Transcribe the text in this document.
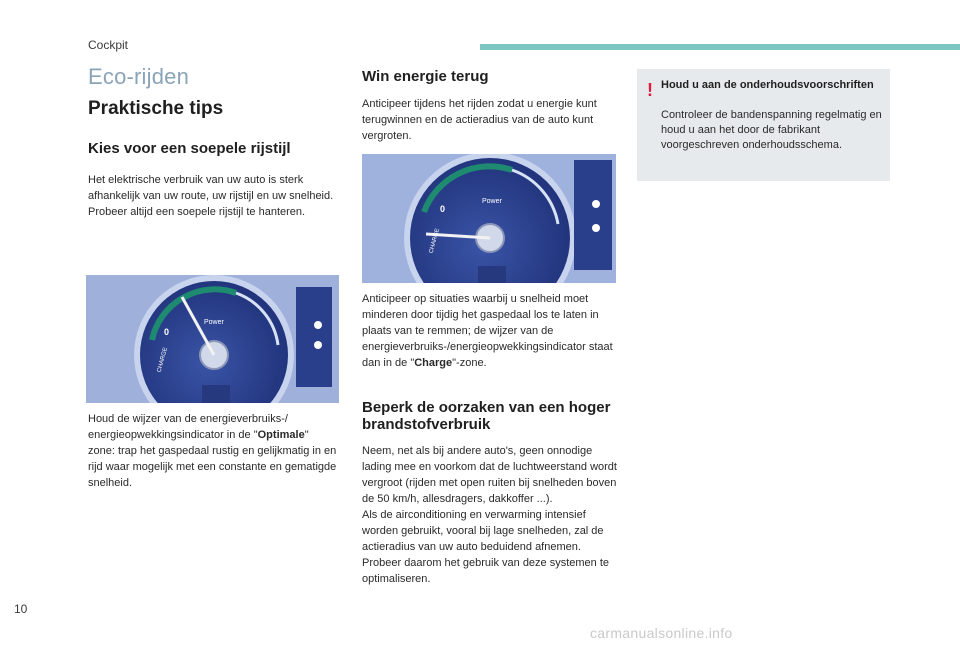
Cockpit
Eco-rijden
Praktische tips
Kies voor een soepele rijstijl
Het elektrische verbruik van uw auto is sterk afhankelijk van uw route, uw rijstijl en uw snelheid.
Probeer altijd een soepele rijstijl te hanteren.
0
Power
CHARGE
Houd de wijzer van de energieverbruiks-/ energieopwekkingsindicator in de "Optimale" zone: trap het gaspedaal rustig en gelijkmatig in en rijd waar mogelijk met een constante en gematigde snelheid.
Win energie terug
Anticipeer tijdens het rijden zodat u energie kunt terugwinnen en de actieradius van de auto kunt vergroten.
0
Power
CHARGE
Anticipeer op situaties waarbij u snelheid moet minderen door tijdig het gaspedaal los te laten in plaats van te remmen; de wijzer van de energieverbruiks-/energieopwekkingsindicator staat dan in de "Charge"-zone.
Beperk de oorzaken van een hoger brandstofverbruik
Neem, net als bij andere auto's, geen onnodige lading mee en voorkom dat de luchtweerstand wordt vergroot (rijden met open ruiten bij snelheden boven de 50 km/h, allesdragers, dakkoffer ...).
Als de airconditioning en verwarming intensief worden gebruikt, vooral bij lage snelheden, zal de actieradius van uw auto beduidend afnemen. Probeer daarom het gebruik van deze systemen te optimaliseren.
! Houd u aan de onderhoudsvoorschriften
Controleer de bandenspanning regelmatig en houd u aan het door de fabrikant voorgeschreven onderhoudsschema.
10
carmanualsonline.info
